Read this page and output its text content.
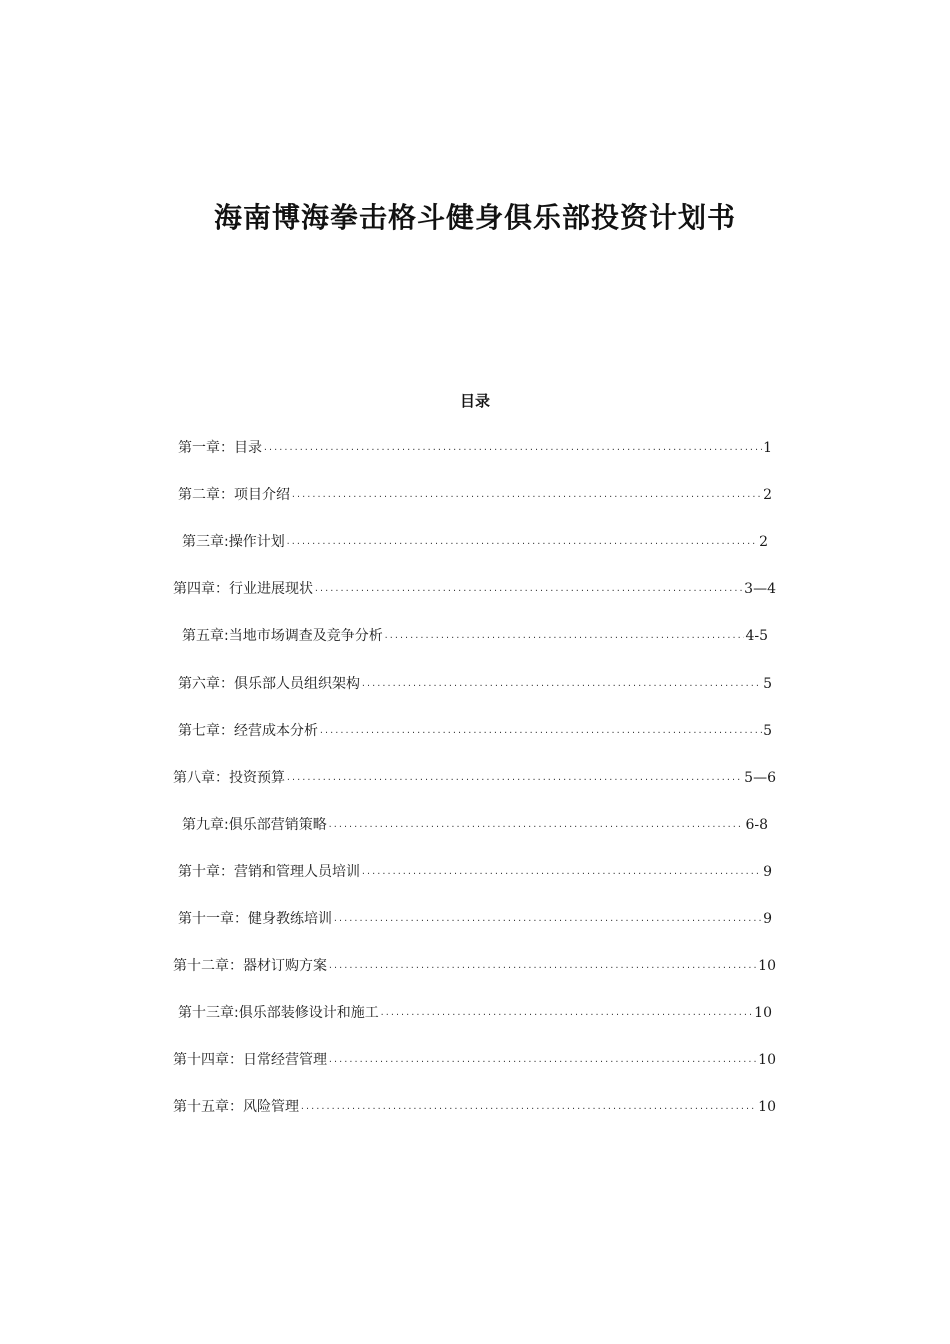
海南博海拳击格斗健身俱乐部投资计划书
目录
第一章：目录 ·····	1
第二章：项目介绍 ·····	2
第三章:操作计划 ·····	2
第四章：行业进展现状 ·····	3—4
第五章:当地市场调查及竞争分析 ·····	4-5
第六章：俱乐部人员组织架构 ·····	5
第七章：经营成本分析 ·····	5
第八章：投资预算 ·····	5—6
第九章:俱乐部营销策略 ·····	6-8
第十章：营销和管理人员培训 ·····	9
第十一章：健身教练培训 ·····	9
第十二章：器材订购方案 ·····	10
第十三章:俱乐部装修设计和施工 ·····	10
第十四章：日常经营管理 ·····	10
第十五章：风险管理 ·····	10
